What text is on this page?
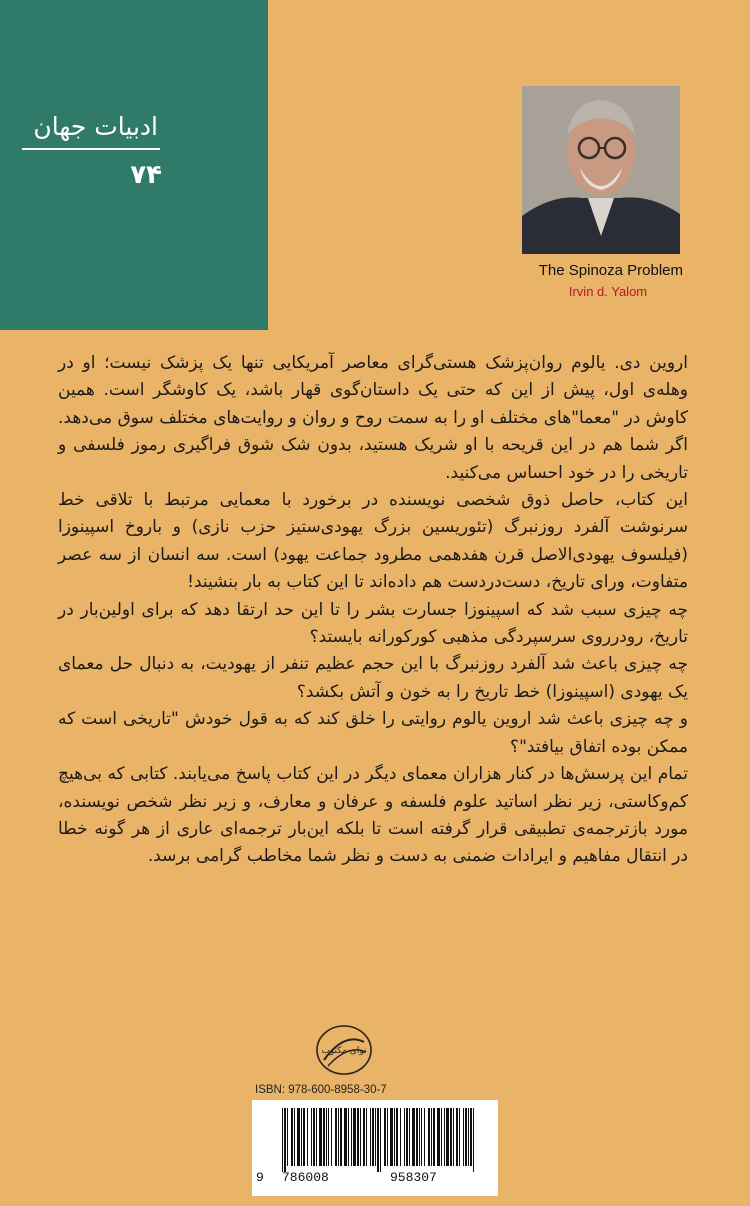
ادبیات جهان
۷۴
The Spinoza Problem
Irvin d. Yalom

اروین دی. یالوم روان‌پزشک هستی‌گرای معاصر آمریکایی تنها یک پزشک نیست؛ او در وهله‌ی اول، پیش از این که حتی یک داستان‌گوی قهار باشد، یک کاوشگر است. همین کاوش در "معما"های مختلف او را به سمت روح و روان و روایت‌های مختلف سوق می‌دهد. اگر شما هم در این قریحه با او شریک هستید، بدون شک شوق فراگیری رموز فلسفی و تاریخی را در خود احساس می‌کنید.

این کتاب، حاصل ذوق شخصی نویسنده در برخورد با معمایی مرتبط با تلاقی خط سرنوشت آلفرد روزنبرگ (تئوریسین بزرگ یهودی‌ستیز حزب نازی) و باروخ اسپینوزا (فیلسوف یهودی‌الاصل قرن هفدهمی مطرود جماعت یهود) است. سه انسان از سه عصر متفاوت، ورای تاریخ، دست‌دردست هم داده‌اند تا این کتاب به بار بنشیند!

چه چیزی سبب شد که اسپینوزا جسارت بشر را تا این حد ارتقا دهد که برای اولین‌بار در تاریخ، رودرروی سرسپردگی مذهبی کورکورانه بایستد؟

چه چیزی باعث شد آلفرد روزنبرگ با این حجم عظیم تنفر از یهودیت، به دنبال حل معمای یک یهودی (اسپینوزا) خط تاریخ را به خون و آتش بکشد؟

و چه چیزی باعث شد اروین یالوم روایتی را خلق کند که به قول خودش "تاریخی است که ممکن بوده اتفاق بیافتد"؟

تمام این پرسش‌ها در کنار هزاران معمای دیگر در این کتاب پاسخ می‌یابند. کتابی که بی‌هیچ کم‌وکاستی، زیر نظر اساتید علوم فلسفه و عرفان و معارف، و زیر نظر شخص نویسنده، مورد بازترجمه‌ی تطبیقی قرار گرفته است تا بلکه این‌بار ترجمه‌ای عاری از هر گونه خطا در انتقال مفاهیم و ایرادات ضمنی به دست و نظر شما مخاطب گرامی برسد.

نوای مکتوب
ISBN: 978-600-8958-30-7
9 786008	958307
